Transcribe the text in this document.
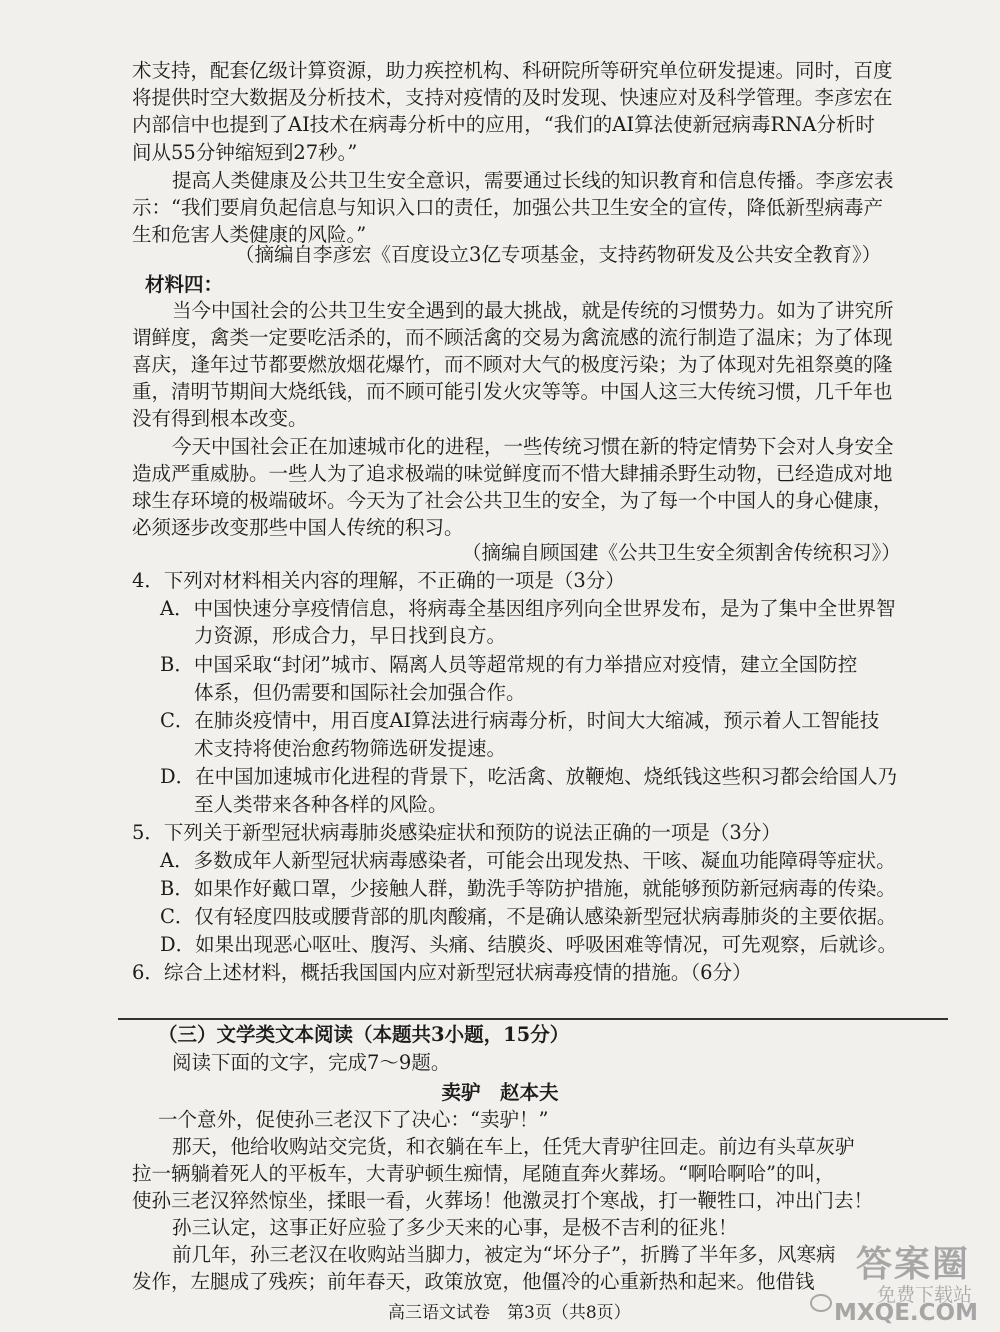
术支持，配套亿级计算资源，助力疾控机构、科研院所等研究单位研发提速。同时，百度
将提供时空大数据及分析技术，支持对疫情的及时发现、快速应对及科学管理。李彦宏在
内部信中也提到了AI技术在病毒分析中的应用，“我们的AI算法使新冠病毒RNA分析时
间从55分钟缩短到27秒。”
提高人类健康及公共卫生安全意识，需要通过长线的知识教育和信息传播。李彦宏表
示：“我们要肩负起信息与知识入口的责任，加强公共卫生安全的宣传，降低新型病毒产
生和危害人类健康的风险。”
（摘编自李彦宏《百度设立3亿专项基金，支持药物研发及公共安全教育》）
材料四：
当今中国社会的公共卫生安全遇到的最大挑战，就是传统的习惯势力。如为了讲究所
谓鲜度，禽类一定要吃活杀的，而不顾活禽的交易为禽流感的流行制造了温床；为了体现
喜庆，逢年过节都要燃放烟花爆竹，而不顾对大气的极度污染；为了体现对先祖祭奠的隆
重，清明节期间大烧纸钱，而不顾可能引发火灾等等。中国人这三大传统习惯，几千年也
没有得到根本改变。
今天中国社会正在加速城市化的进程，一些传统习惯在新的特定情势下会对人身安全
造成严重威胁。一些人为了追求极端的味觉鲜度而不惜大肆捕杀野生动物，已经造成对地
球生存环境的极端破坏。今天为了社会公共卫生的安全，为了每一个中国人的身心健康，
必须逐步改变那些中国人传统的积习。
（摘编自顾国建《公共卫生安全须割舍传统积习》）
4．下列对材料相关内容的理解，不正确的一项是（3分）
A．中国快速分享疫情信息，将病毒全基因组序列向全世界发布，是为了集中全世界智
力资源，形成合力，早日找到良方。
B．中国采取“封闭”城市、隔离人员等超常规的有力举措应对疫情，建立全国防控
体系，但仍需要和国际社会加强合作。
C．在肺炎疫情中，用百度AI算法进行病毒分析，时间大大缩减，预示着人工智能技
术支持将使治愈药物筛选研发提速。
D．在中国加速城市化进程的背景下，吃活禽、放鞭炮、烧纸钱这些积习都会给国人乃
至人类带来各种各样的风险。
5．下列关于新型冠状病毒肺炎感染症状和预防的说法正确的一项是（3分）
A．多数成年人新型冠状病毒感染者，可能会出现发热、干咳、凝血功能障碍等症状。
B．如果作好戴口罩，少接触人群，勤洗手等防护措施，就能够预防新冠病毒的传染。
C．仅有轻度四肢或腰背部的肌肉酸痛，不是确认感染新型冠状病毒肺炎的主要依据。
D．如果出现恶心呕吐、腹泻、头痛、结膜炎、呼吸困难等情况，可先观察，后就诊。
6．综合上述材料，概括我国国内应对新型冠状病毒疫情的措施。（6分）
（三）文学类文本阅读（本题共3小题，15分）
阅读下面的文字，完成7～9题。
卖驴　赵本夫
一个意外，促使孙三老汉下了决心：“卖驴！”
那天，他给收购站交完货，和衣躺在车上，任凭大青驴往回走。前边有头草灰驴
拉一辆躺着死人的平板车，大青驴顿生痴情，尾随直奔火葬场。“啊哈啊哈”的叫，
使孙三老汉猝然惊坐，揉眼一看，火葬场！他激灵打个寒战，打一鞭牲口，冲出门去！
孙三认定，这事正好应验了多少天来的心事，是极不吉利的征兆！
前几年，孙三老汉在收购站当脚力，被定为“坏分子”，折腾了半年多，风寒病
发作，左腿成了残疾；前年春天，政策放宽，他僵冷的心重新热和起来。他借钱
高三语文试卷　第3页（共8页）
答案圈
免费下载站
MXQE.COM
